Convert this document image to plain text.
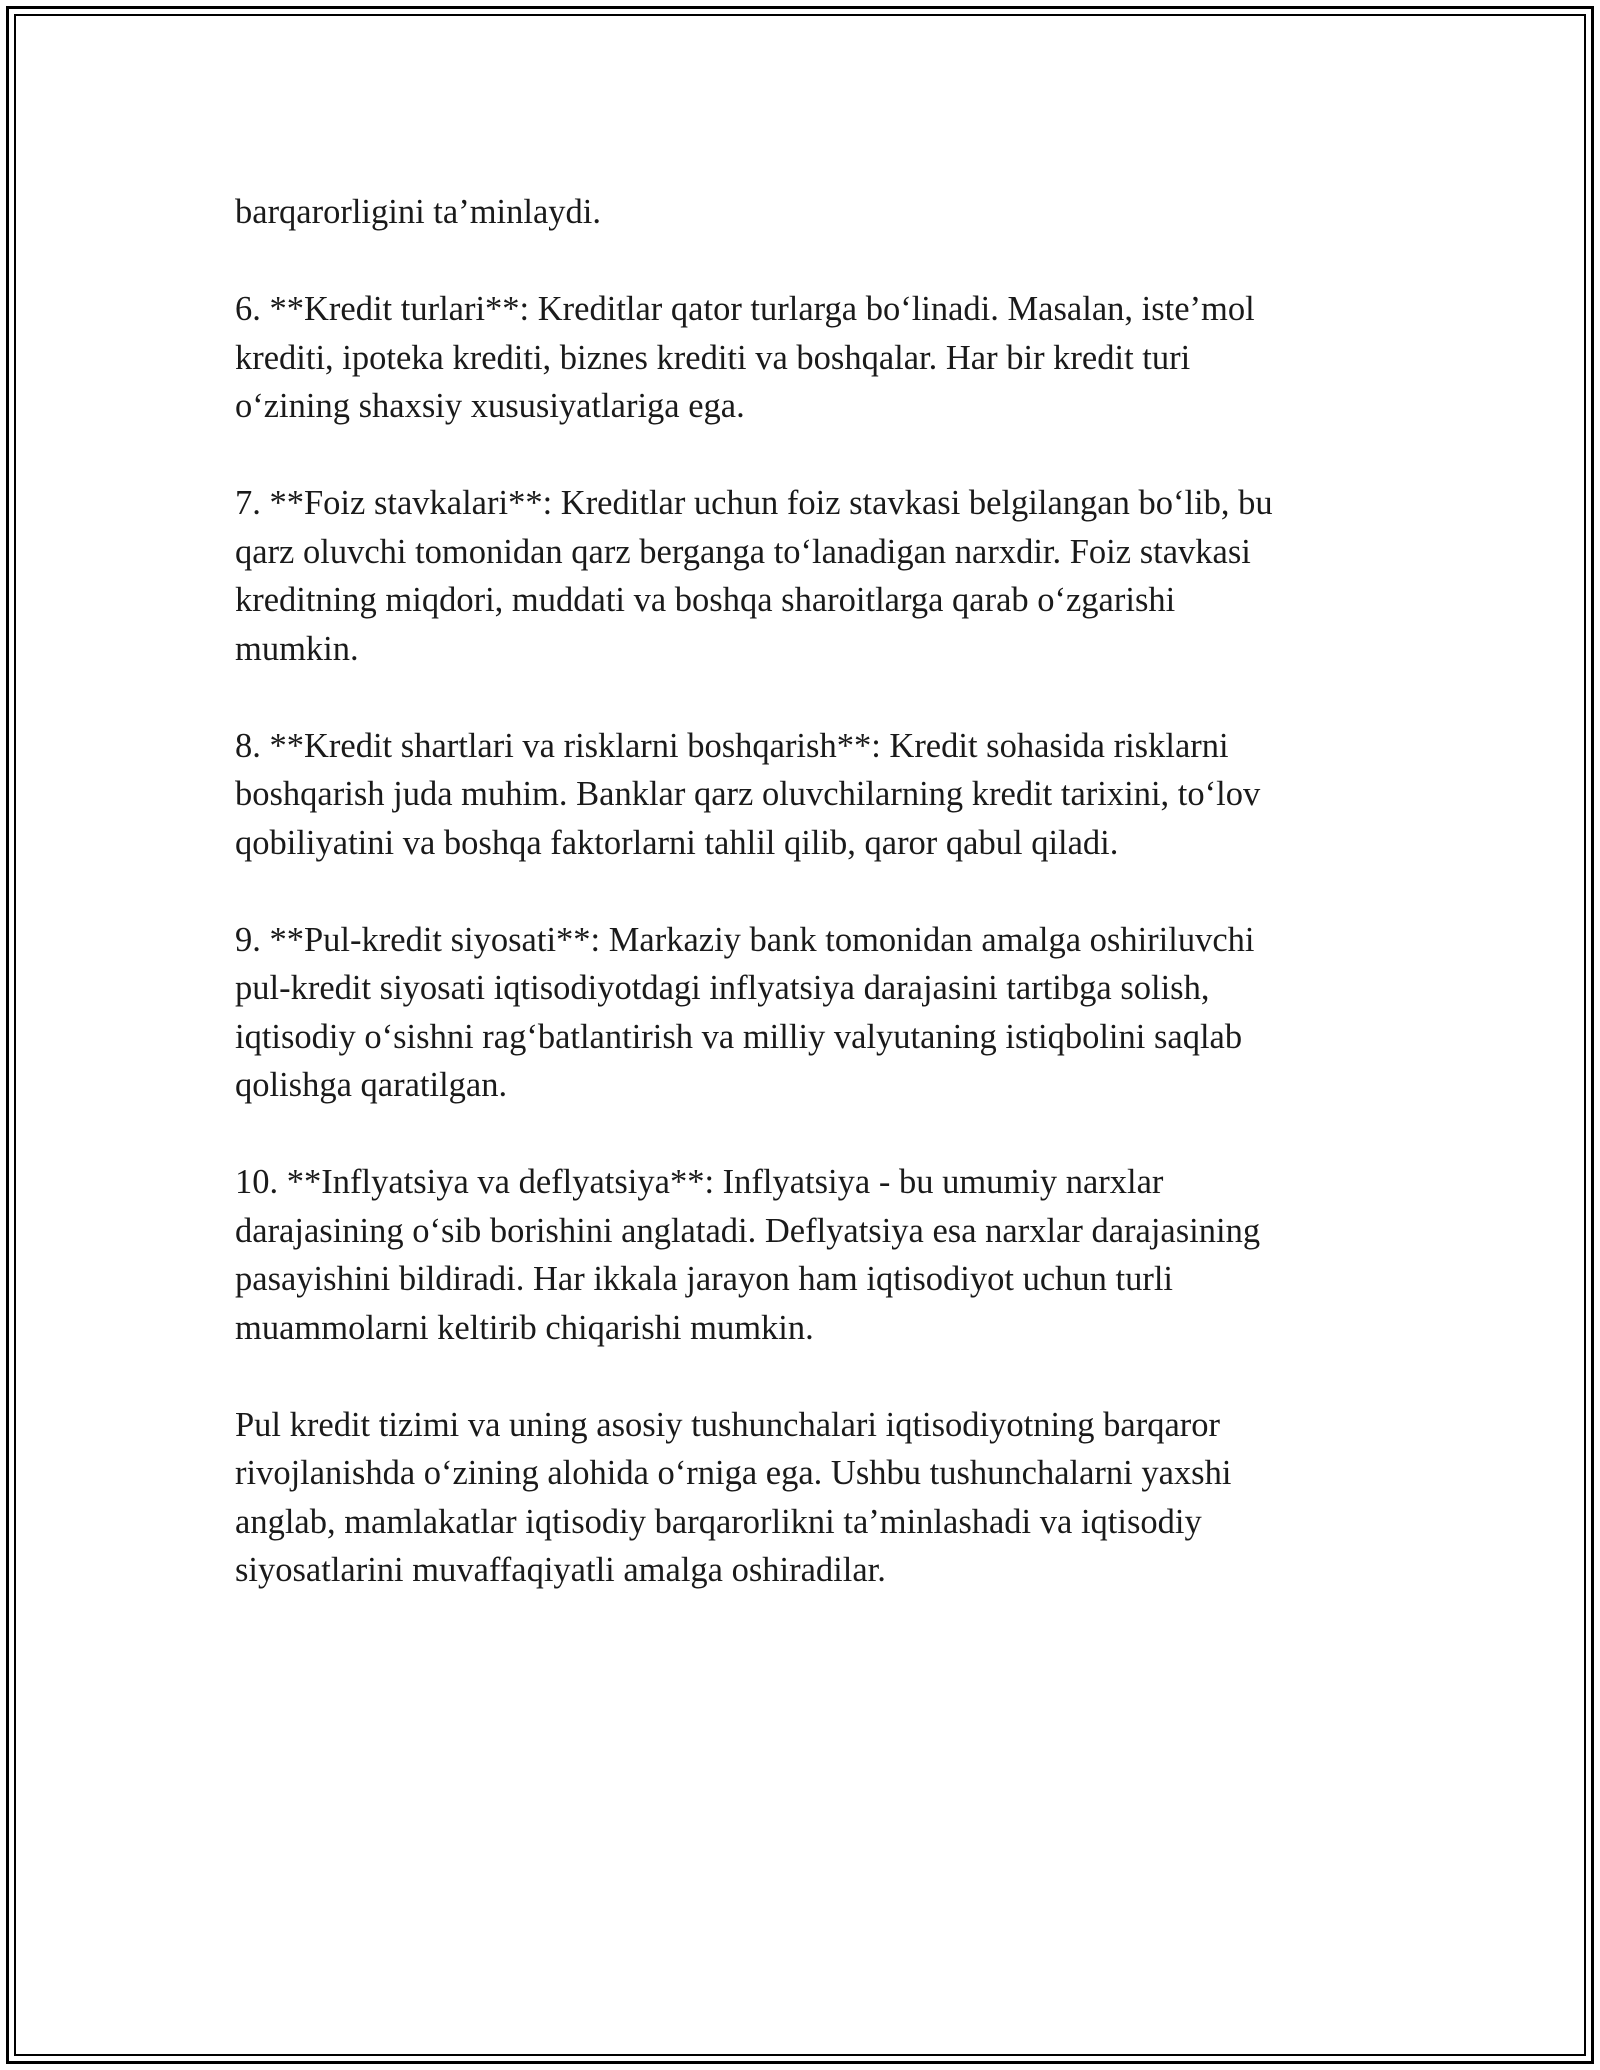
barqarorligini ta’minlaydi.

6. **Kredit turlari**: Kreditlar qator turlarga bo‘linadi. Masalan, iste’mol
krediti, ipoteka krediti, biznes krediti va boshqalar. Har bir kredit turi
o‘zining shaxsiy xususiyatlariga ega.

7. **Foiz stavkalari**: Kreditlar uchun foiz stavkasi belgilangan bo‘lib, bu
qarz oluvchi tomonidan qarz berganga to‘lanadigan narxdir. Foiz stavkasi
kreditning miqdori, muddati va boshqa sharoitlarga qarab o‘zgarishi
mumkin.

8. **Kredit shartlari va risklarni boshqarish**: Kredit sohasida risklarni
boshqarish juda muhim. Banklar qarz oluvchilarning kredit tarixini, to‘lov
qobiliyatini va boshqa faktorlarni tahlil qilib, qaror qabul qiladi.

9. **Pul-kredit siyosati**: Markaziy bank tomonidan amalga oshiriluvchi
pul-kredit siyosati iqtisodiyotdagi inflyatsiya darajasini tartibga solish,
iqtisodiy o‘sishni rag‘batlantirish va milliy valyutaning istiqbolini saqlab
qolishga qaratilgan.

10. **Inflyatsiya va deflyatsiya**: Inflyatsiya - bu umumiy narxlar
darajasining o‘sib borishini anglatadi. Deflyatsiya esa narxlar darajasining
pasayishini bildiradi. Har ikkala jarayon ham iqtisodiyot uchun turli
muammolarni keltirib chiqarishi mumkin.

Pul kredit tizimi va uning asosiy tushunchalari iqtisodiyotning barqaror
rivojlanishda o‘zining alohida o‘rniga ega. Ushbu tushunchalarni yaxshi
anglab, mamlakatlar iqtisodiy barqarorlikni ta’minlashadi va iqtisodiy
siyosatlarini muvaffaqiyatli amalga oshiradilar.
